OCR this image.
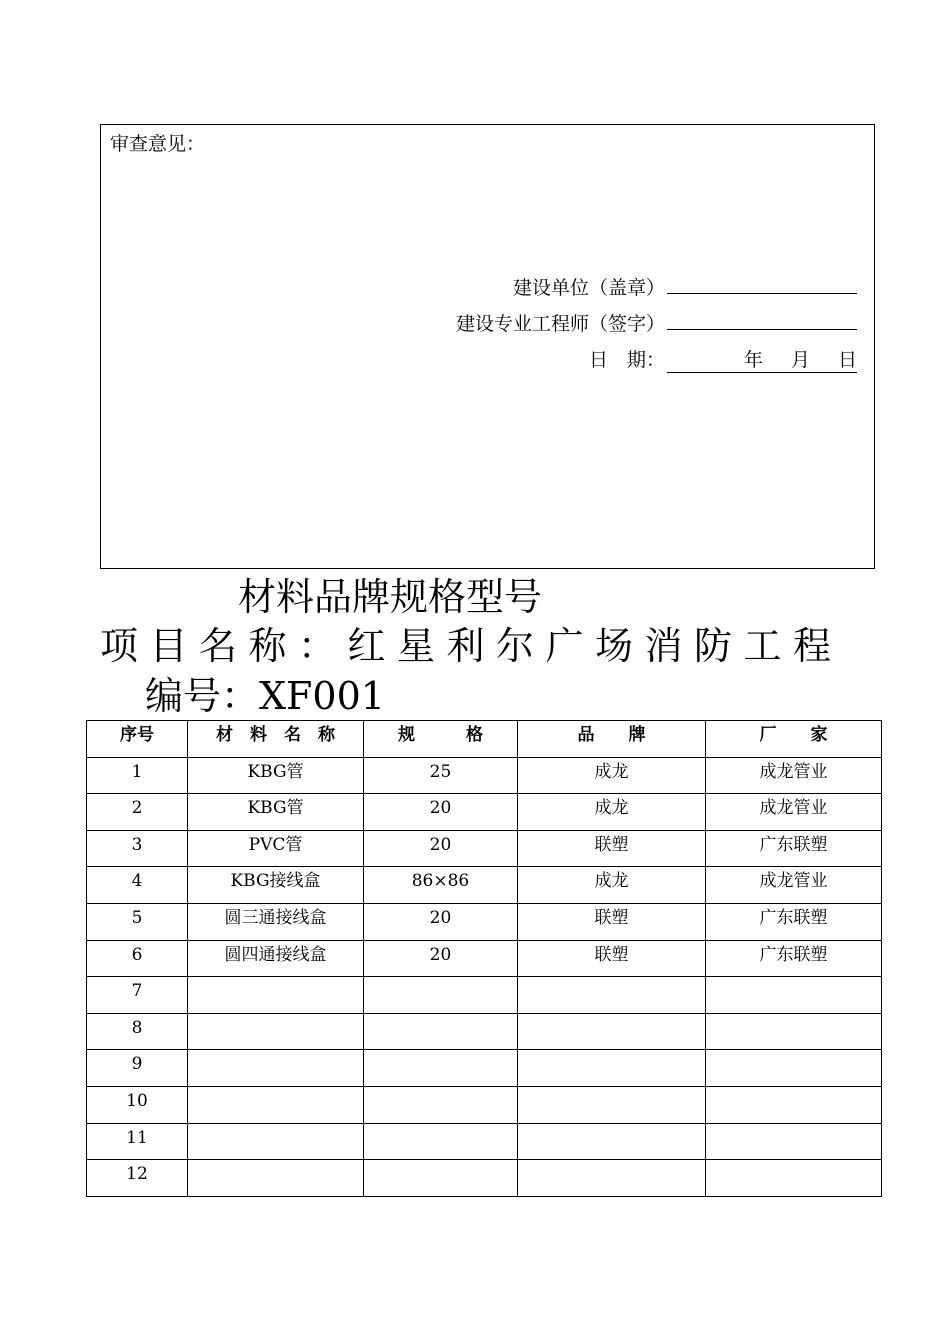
审查意见：
建设单位（盖章）
建设专业工程师（签字）
日　期：	年 月 日
材料品牌规格型号
项目名称：红星利尔广场消防工程
编号：XF001
序号	材　料　名　称	规　　　格	品　　牌	厂　　家
1	KBG管	25	成龙	成龙管业
2	KBG管	20	成龙	成龙管业
3	PVC管	20	联塑	广东联塑
4	KBG接线盒	86×86	成龙	成龙管业
5	圆三通接线盒	20	联塑	广东联塑
6	圆四通接线盒	20	联塑	广东联塑
7				
8				
9				
10				
11				
12				
